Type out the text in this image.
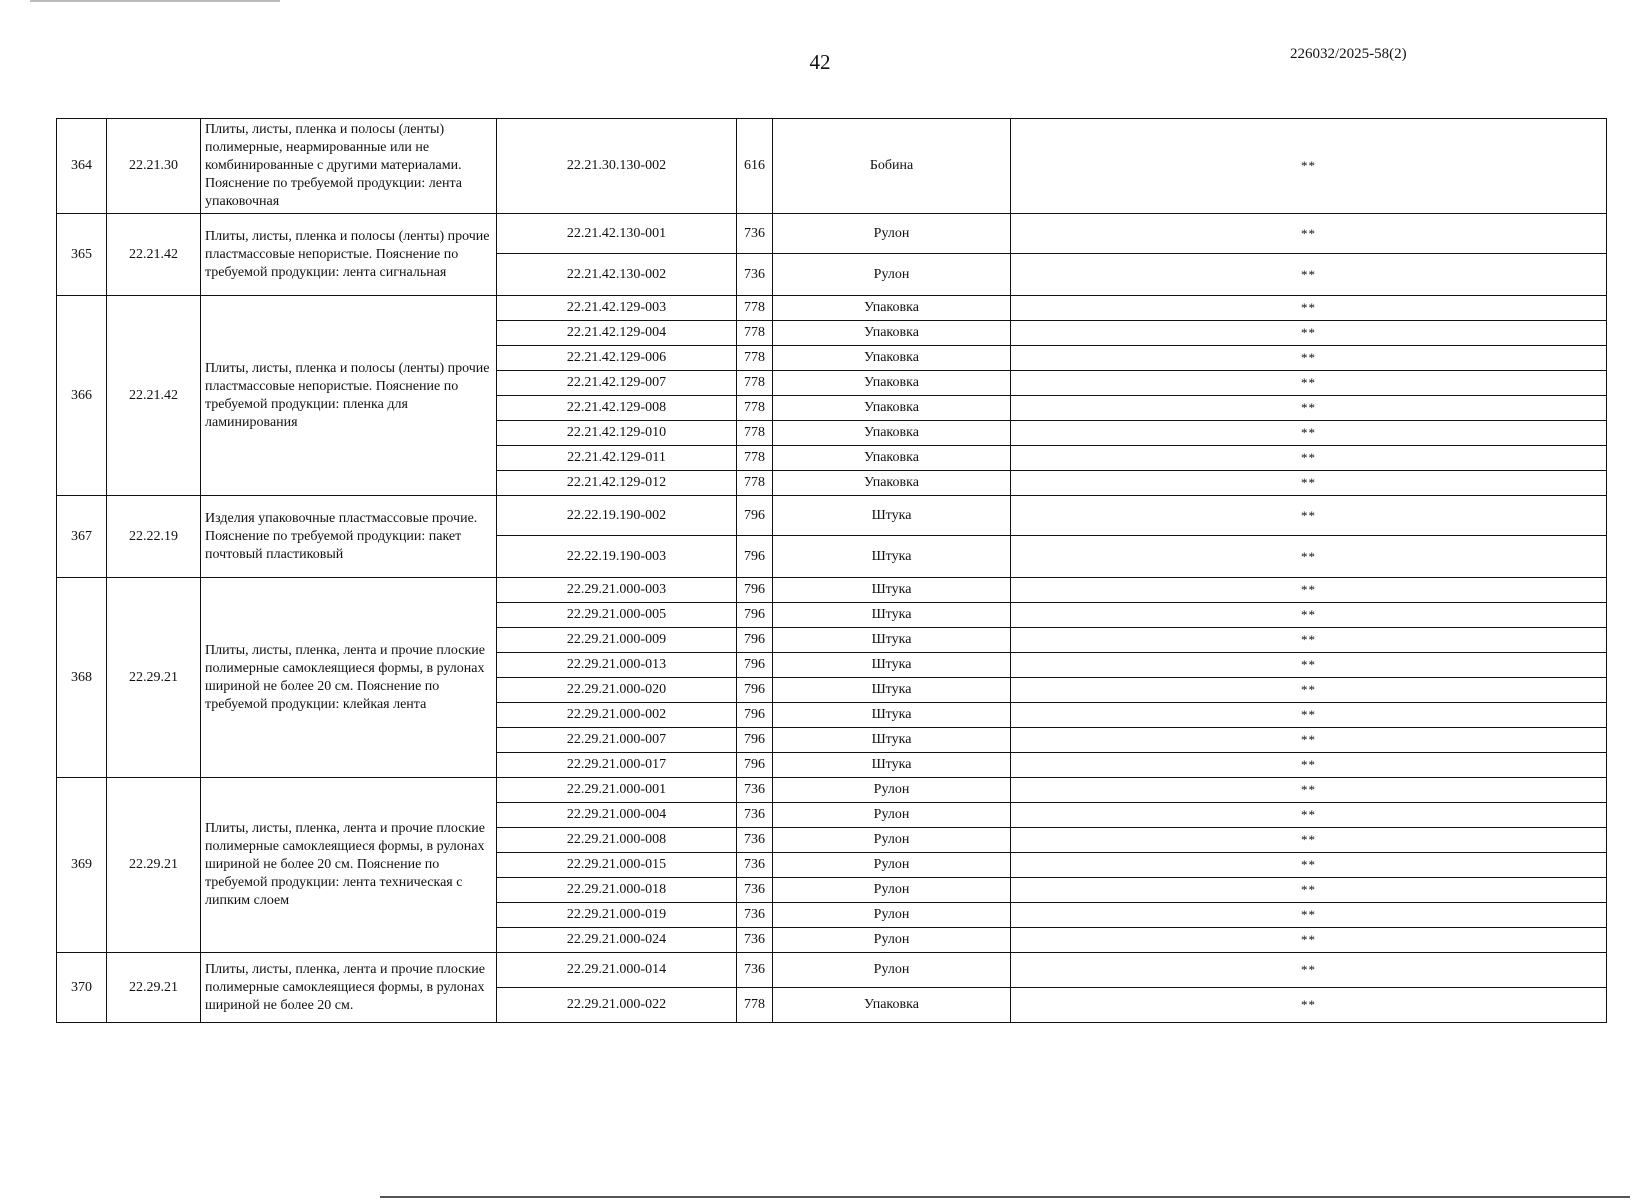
42	226032/2025-58(2)
364	22.21.30	Плиты, листы, пленка и полосы (ленты) полимерные, неармированные или не комбинированные с другими материалами. Пояснение по требуемой продукции: лента упаковочная	22.21.30.130-002	616	Бобина	**
365	22.21.42	Плиты, листы, пленка и полосы (ленты) прочие пластмассовые непористые. Пояснение по требуемой продукции: лента сигнальная	22.21.42.130-001	736	Рулон	**
			22.21.42.130-002	736	Рулон	**
366	22.21.42	Плиты, листы, пленка и полосы (ленты) прочие пластмассовые непористые. Пояснение по требуемой продукции: пленка для ламинирования	22.21.42.129-003	778	Упаковка	**
			22.21.42.129-004	778	Упаковка	**
			22.21.42.129-006	778	Упаковка	**
			22.21.42.129-007	778	Упаковка	**
			22.21.42.129-008	778	Упаковка	**
			22.21.42.129-010	778	Упаковка	**
			22.21.42.129-011	778	Упаковка	**
			22.21.42.129-012	778	Упаковка	**
367	22.22.19	Изделия упаковочные пластмассовые прочие. Пояснение по требуемой продукции: пакет почтовый пластиковый	22.22.19.190-002	796	Штука	**
			22.22.19.190-003	796	Штука	**
368	22.29.21	Плиты, листы, пленка, лента и прочие плоские полимерные самоклеящиеся формы, в рулонах шириной не более 20 см. Пояснение по требуемой продукции: клейкая лента	22.29.21.000-003	796	Штука	**
			22.29.21.000-005	796	Штука	**
			22.29.21.000-009	796	Штука	**
			22.29.21.000-013	796	Штука	**
			22.29.21.000-020	796	Штука	**
			22.29.21.000-002	796	Штука	**
			22.29.21.000-007	796	Штука	**
			22.29.21.000-017	796	Штука	**
369	22.29.21	Плиты, листы, пленка, лента и прочие плоские полимерные самоклеящиеся формы, в рулонах шириной не более 20 см. Пояснение по требуемой продукции: лента техническая с липким слоем	22.29.21.000-001	736	Рулон	**
			22.29.21.000-004	736	Рулон	**
			22.29.21.000-008	736	Рулон	**
			22.29.21.000-015	736	Рулон	**
			22.29.21.000-018	736	Рулон	**
			22.29.21.000-019	736	Рулон	**
			22.29.21.000-024	736	Рулон	**
370	22.29.21	Плиты, листы, пленка, лента и прочие плоские полимерные самоклеящиеся формы, в рулонах шириной не более 20 см.	22.29.21.000-014	736	Рулон	**
			22.29.21.000-022	778	Упаковка	**
